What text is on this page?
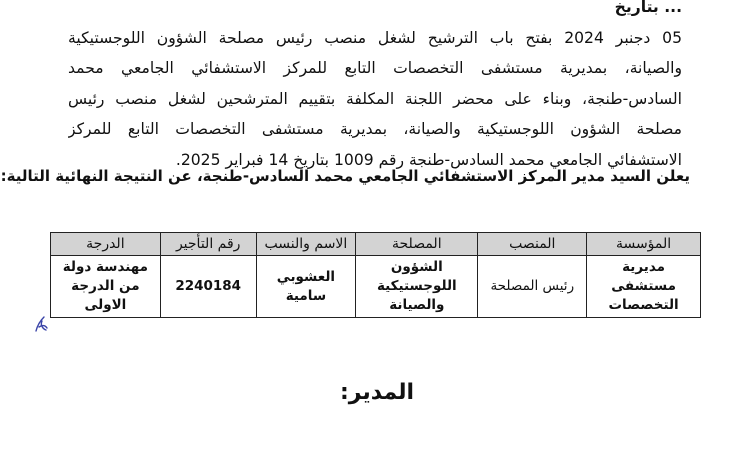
... بتاريخ
05 دجنبر 2024 بفتح باب الترشيح لشغل منصب رئيس مصلحة الشؤون اللوجستيكية
والصيانة، بمديرية مستشفى التخصصات التابع للمركز الاستشفائي الجامعي محمد
السادس-طنجة، وبناء على محضر اللجنة المكلفة بتقييم المترشحين لشغل منصب رئيس
مصلحة الشؤون اللوجستيكية والصيانة، بمديرية مستشفى التخصصات التابع للمركز
الاستشفائي الجامعي محمد السادس-طنجة رقم 1009 بتاريخ 14 فبراير 2025.

يعلن السيد مدير المركز الاستشفائي الجامعي محمد السادس-طنجة، عن النتيجة النهائية التالية:

المؤسسة	المنصب	المصلحة	الاسم والنسب	رقم التأجير	الدرجة
مديرية مستشفى التخصصات	رئيس المصلحة	الشؤون اللوجستيكية والصيانة	العشوبي سامية	2240184	مهندسة دولة من الدرجة الاولى

المدير:
